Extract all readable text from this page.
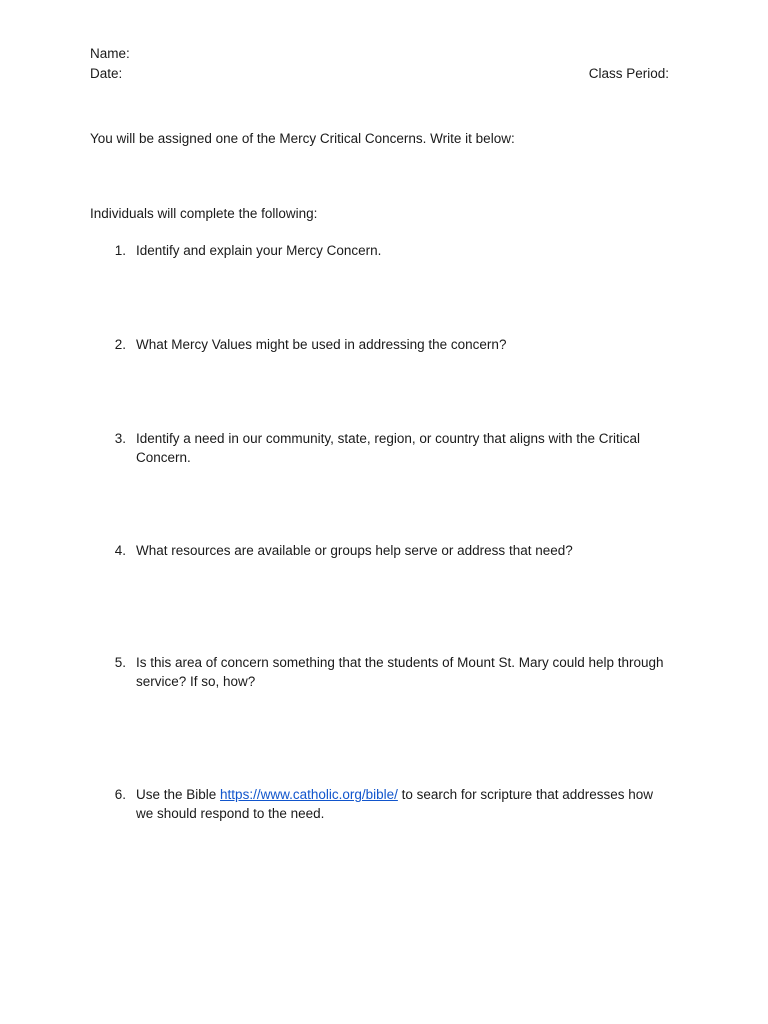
Name:
Date:	Class Period:
You will be assigned one of the Mercy Critical Concerns. Write it below:
Individuals will complete the following:
1. Identify and explain your Mercy Concern.
2. What Mercy Values might be used in addressing the concern?
3. Identify a need in our community, state, region, or country that aligns with the Critical
Concern.
4. What resources are available or groups help serve or address that need?
5. Is this area of concern something that the students of Mount St. Mary could help through
service? If so, how?
6. Use the Bible https://www.catholic.org/bible/ to search for scripture that addresses how
we should respond to the need.
